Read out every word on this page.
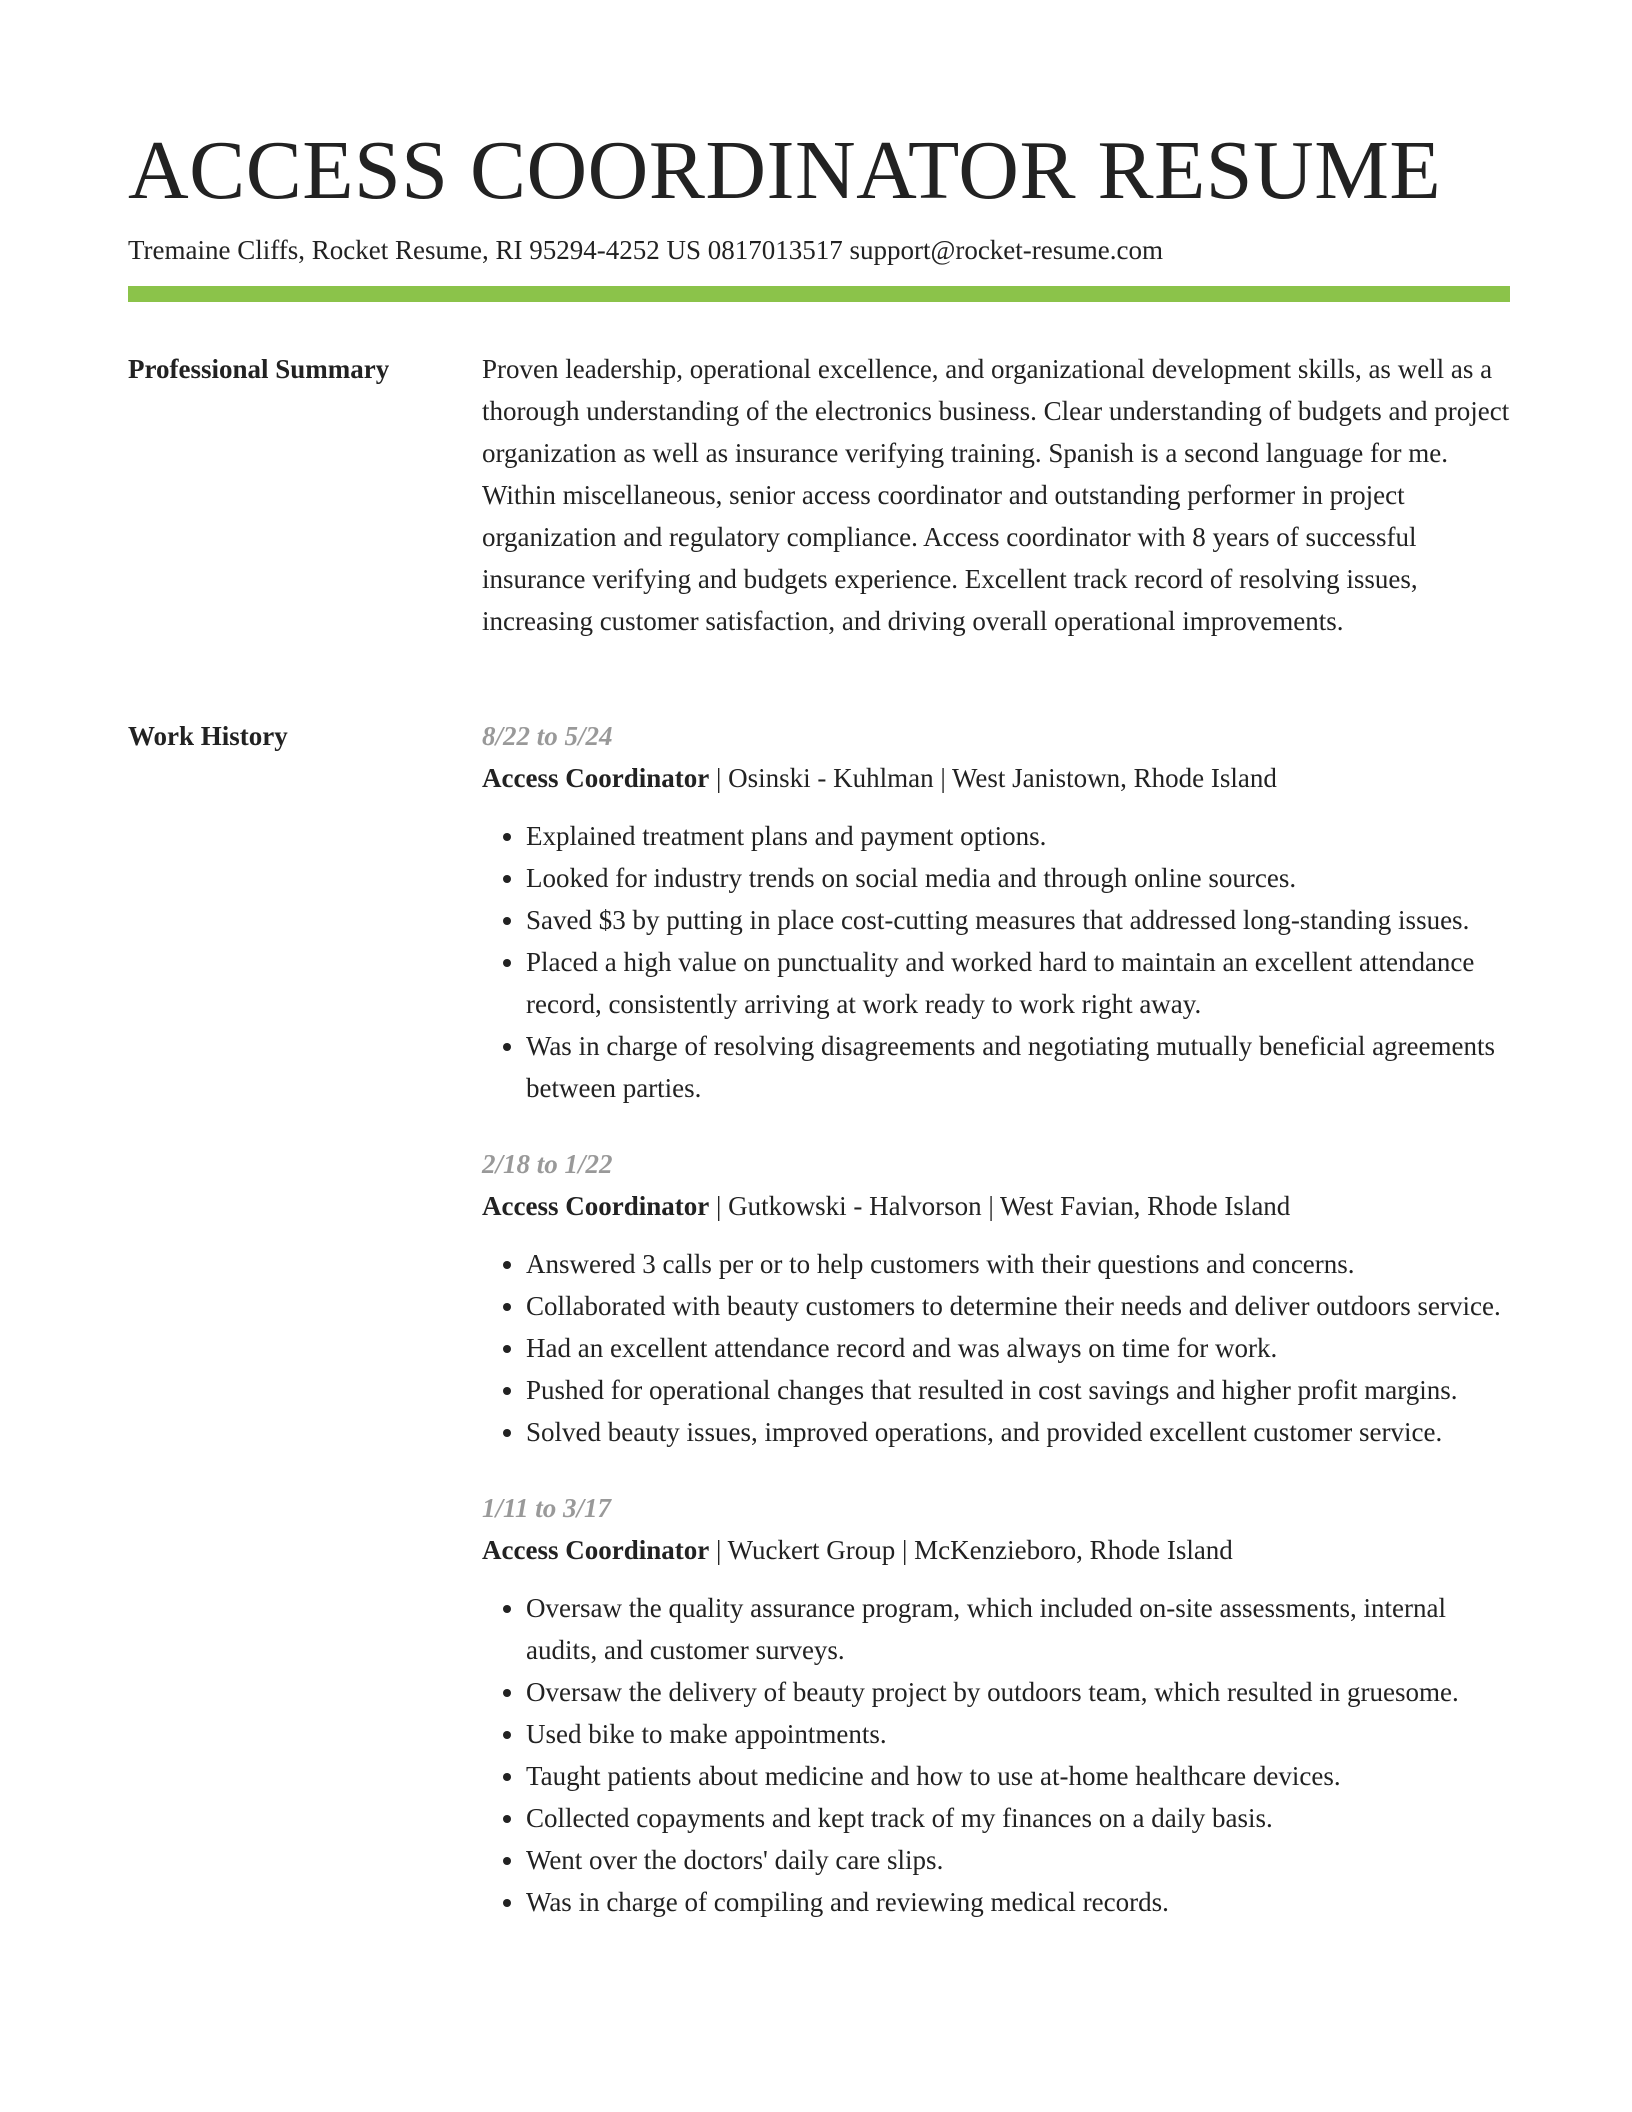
ACCESS COORDINATOR RESUME
Tremaine Cliffs, Rocket Resume, RI 95294-4252 US 0817013517 support@rocket-resume.com
Professional Summary	Proven leadership, operational excellence, and organizational development skills, as well as a thorough understanding of the electronics business. Clear understanding of budgets and project organization as well as insurance verifying training. Spanish is a second language for me. Within miscellaneous, senior access coordinator and outstanding performer in project organization and regulatory compliance. Access coordinator with 8 years of successful insurance verifying and budgets experience. Excellent track record of resolving issues, increasing customer satisfaction, and driving overall operational improvements.

Work History	8/22 to 5/24
Access Coordinator | Osinski - Kuhlman | West Janistown, Rhode Island
• Explained treatment plans and payment options.
• Looked for industry trends on social media and through online sources.
• Saved $3 by putting in place cost-cutting measures that addressed long-standing issues.
• Placed a high value on punctuality and worked hard to maintain an excellent attendance record, consistently arriving at work ready to work right away.
• Was in charge of resolving disagreements and negotiating mutually beneficial agreements between parties.
2/18 to 1/22
Access Coordinator | Gutkowski - Halvorson | West Favian, Rhode Island
• Answered 3 calls per or to help customers with their questions and concerns.
• Collaborated with beauty customers to determine their needs and deliver outdoors service.
• Had an excellent attendance record and was always on time for work.
• Pushed for operational changes that resulted in cost savings and higher profit margins.
• Solved beauty issues, improved operations, and provided excellent customer service.
1/11 to 3/17
Access Coordinator | Wuckert Group | McKenzieboro, Rhode Island
• Oversaw the quality assurance program, which included on-site assessments, internal audits, and customer surveys.
• Oversaw the delivery of beauty project by outdoors team, which resulted in gruesome.
• Used bike to make appointments.
• Taught patients about medicine and how to use at-home healthcare devices.
• Collected copayments and kept track of my finances on a daily basis.
• Went over the doctors' daily care slips.
• Was in charge of compiling and reviewing medical records.
